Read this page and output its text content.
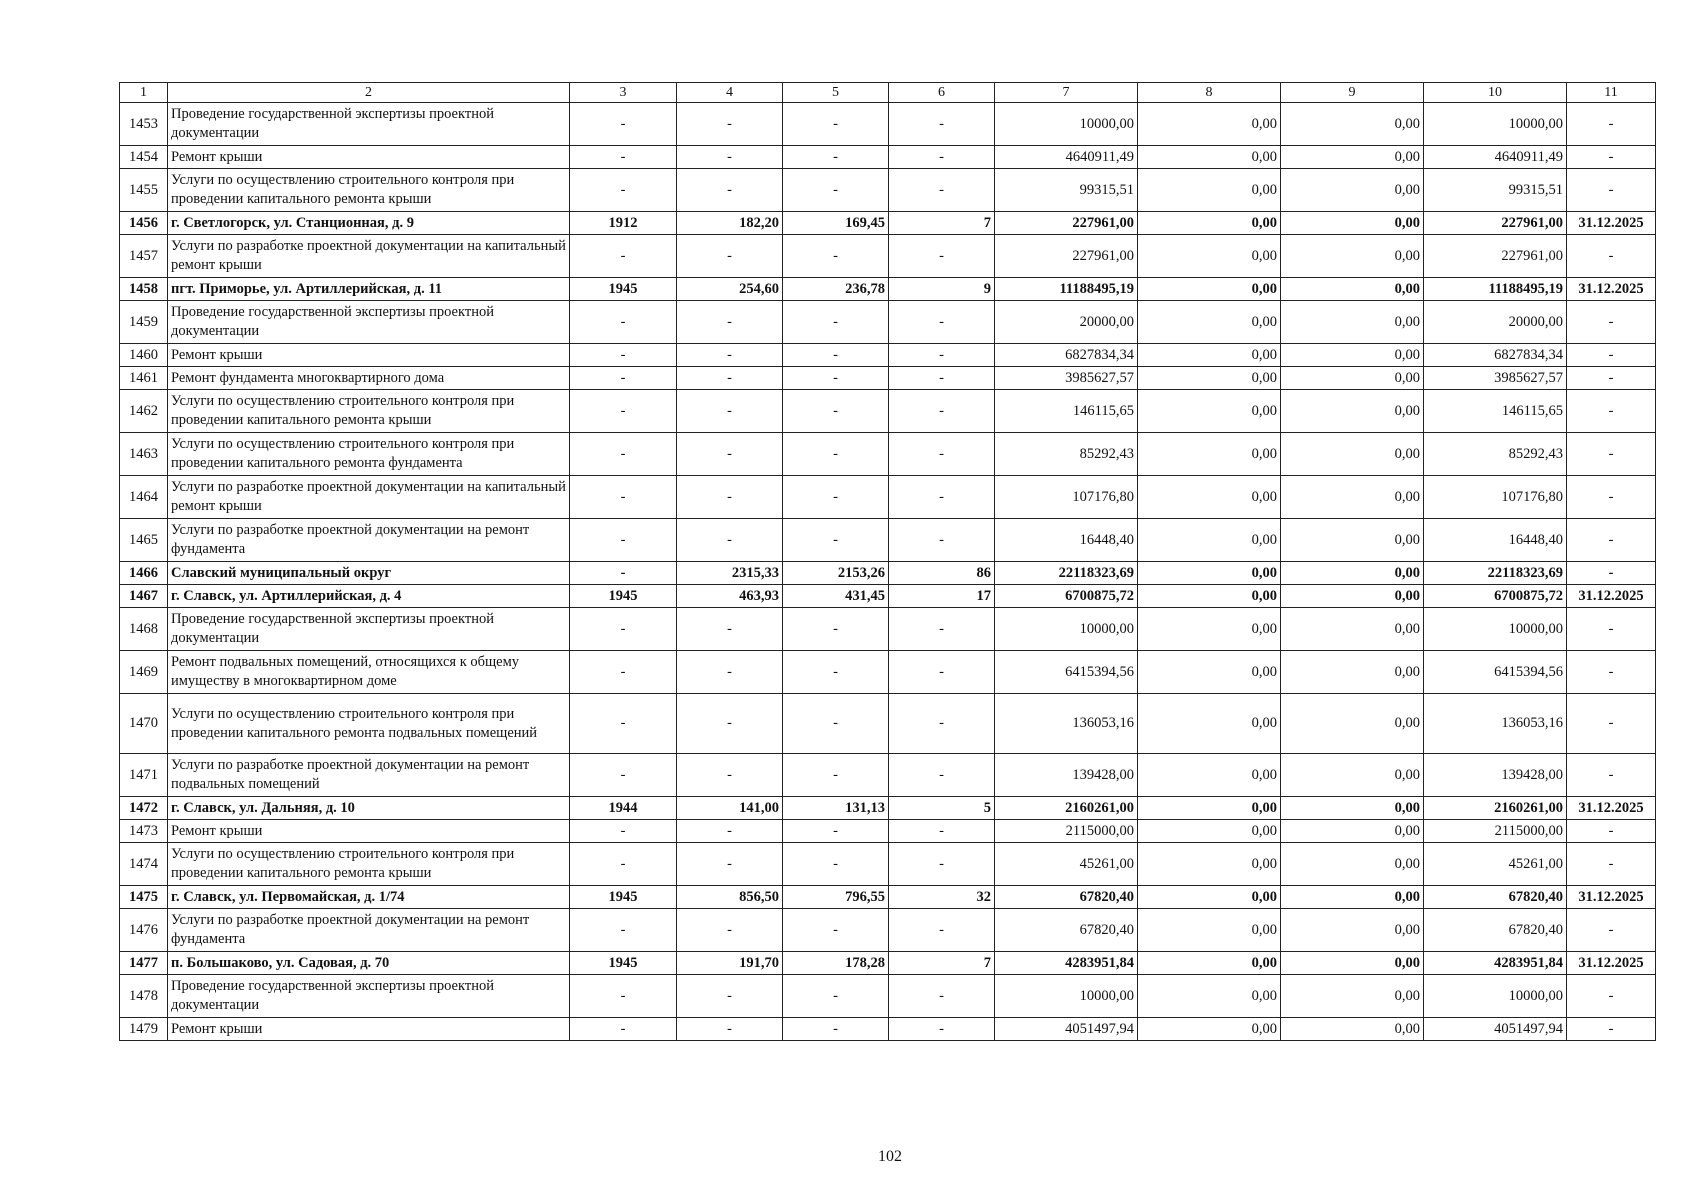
1	2	3	4	5	6	7	8	9	10	11
1453	Проведение государственной экспертизы проектной документации	-	-	-	-	10000,00	0,00	0,00	10000,00	-
1454	Ремонт крыши	-	-	-	-	4640911,49	0,00	0,00	4640911,49	-
1455	Услуги по осуществлению строительного контроля при проведении капитального ремонта крыши	-	-	-	-	99315,51	0,00	0,00	99315,51	-
1456	г. Светлогорск, ул. Станционная, д. 9	1912	182,20	169,45	7	227961,00	0,00	0,00	227961,00	31.12.2025
1457	Услуги по разработке проектной документации на капитальный ремонт крыши	-	-	-	-	227961,00	0,00	0,00	227961,00	-
1458	пгт. Приморье, ул. Артиллерийская, д. 11	1945	254,60	236,78	9	11188495,19	0,00	0,00	11188495,19	31.12.2025
1459	Проведение государственной экспертизы проектной документации	-	-	-	-	20000,00	0,00	0,00	20000,00	-
1460	Ремонт крыши	-	-	-	-	6827834,34	0,00	0,00	6827834,34	-
1461	Ремонт фундамента многоквартирного дома	-	-	-	-	3985627,57	0,00	0,00	3985627,57	-
1462	Услуги по осуществлению строительного контроля при проведении капитального ремонта крыши	-	-	-	-	146115,65	0,00	0,00	146115,65	-
1463	Услуги по осуществлению строительного контроля при проведении капитального ремонта фундамента	-	-	-	-	85292,43	0,00	0,00	85292,43	-
1464	Услуги по разработке проектной документации на капитальный ремонт крыши	-	-	-	-	107176,80	0,00	0,00	107176,80	-
1465	Услуги по разработке проектной документации на ремонт фундамента	-	-	-	-	16448,40	0,00	0,00	16448,40	-
1466	Славский муниципальный округ	-	2315,33	2153,26	86	22118323,69	0,00	0,00	22118323,69	-
1467	г. Славск, ул. Артиллерийская, д. 4	1945	463,93	431,45	17	6700875,72	0,00	0,00	6700875,72	31.12.2025
1468	Проведение государственной экспертизы проектной документации	-	-	-	-	10000,00	0,00	0,00	10000,00	-
1469	Ремонт подвальных помещений, относящихся к общему имуществу в многоквартирном доме	-	-	-	-	6415394,56	0,00	0,00	6415394,56	-
1470	Услуги по осуществлению строительного контроля при проведении капитального ремонта подвальных помещений	-	-	-	-	136053,16	0,00	0,00	136053,16	-
1471	Услуги по разработке проектной документации на ремонт подвальных помещений	-	-	-	-	139428,00	0,00	0,00	139428,00	-
1472	г. Славск, ул. Дальняя, д. 10	1944	141,00	131,13	5	2160261,00	0,00	0,00	2160261,00	31.12.2025
1473	Ремонт крыши	-	-	-	-	2115000,00	0,00	0,00	2115000,00	-
1474	Услуги по осуществлению строительного контроля при проведении капитального ремонта крыши	-	-	-	-	45261,00	0,00	0,00	45261,00	-
1475	г. Славск, ул. Первомайская, д. 1/74	1945	856,50	796,55	32	67820,40	0,00	0,00	67820,40	31.12.2025
1476	Услуги по разработке проектной документации на ремонт фундамента	-	-	-	-	67820,40	0,00	0,00	67820,40	-
1477	п. Большаково, ул. Садовая, д. 70	1945	191,70	178,28	7	4283951,84	0,00	0,00	4283951,84	31.12.2025
1478	Проведение государственной экспертизы проектной документации	-	-	-	-	10000,00	0,00	0,00	10000,00	-
1479	Ремонт крыши	-	-	-	-	4051497,94	0,00	0,00	4051497,94	-
102
